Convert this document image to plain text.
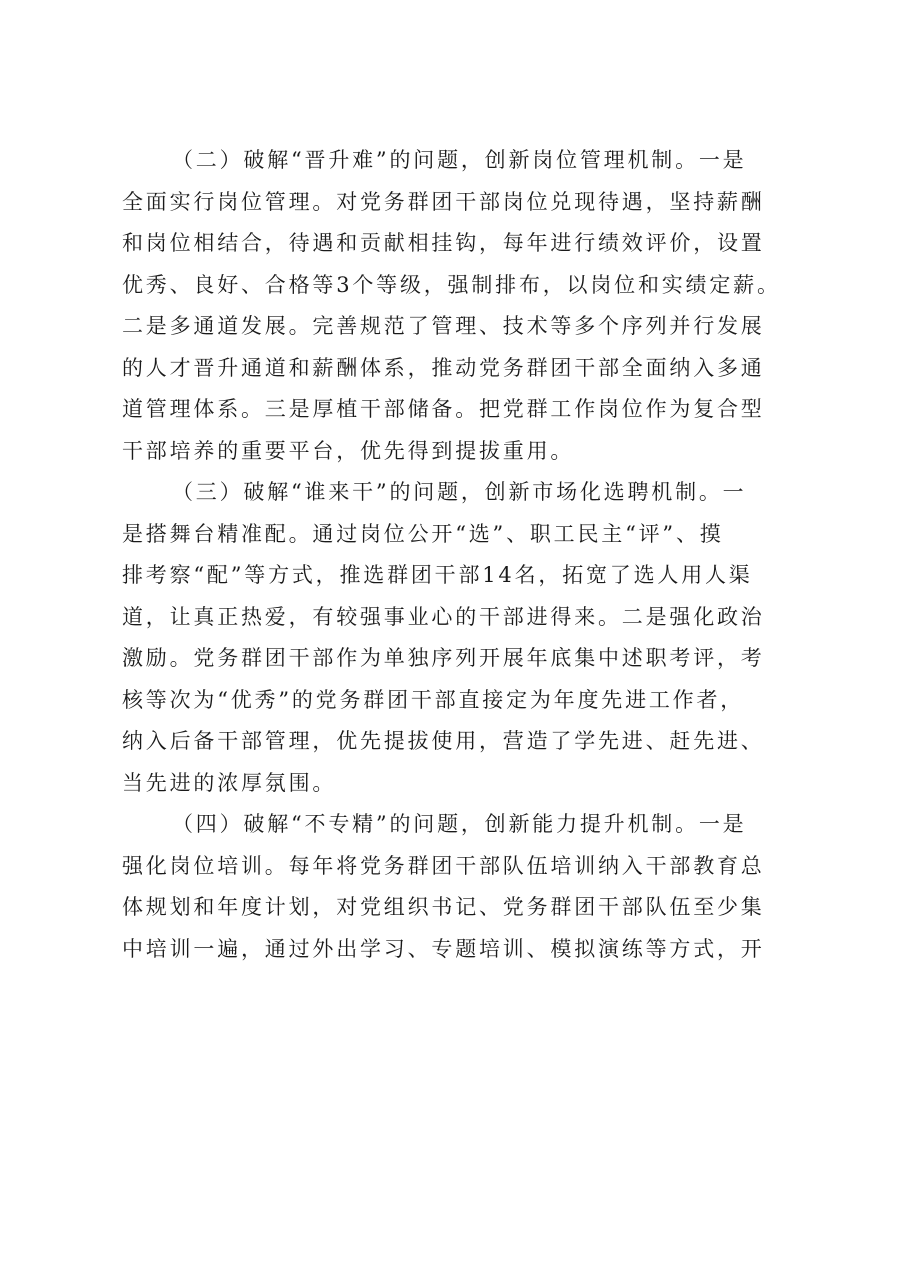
（二）破解“晋升难”的问题，创新岗位管理机制。一是
全面实行岗位管理。对党务群团干部岗位兑现待遇，坚持薪酬
和岗位相结合，待遇和贡献相挂钩，每年进行绩效评价，设置
优秀、良好、合格等3个等级，强制排布，以岗位和实绩定薪。
二是多通道发展。完善规范了管理、技术等多个序列并行发展
的人才晋升通道和薪酬体系，推动党务群团干部全面纳入多通
道管理体系。三是厚植干部储备。把党群工作岗位作为复合型
干部培养的重要平台，优先得到提拔重用。

（三）破解“谁来干”的问题，创新市场化选聘机制。一
是搭舞台精准配。通过岗位公开“选”、职工民主“评”、摸
排考察“配”等方式，推选群团干部14名，拓宽了选人用人渠
道，让真正热爱，有较强事业心的干部进得来。二是强化政治
激励。党务群团干部作为单独序列开展年底集中述职考评，考
核等次为“优秀”的党务群团干部直接定为年度先进工作者，
纳入后备干部管理，优先提拔使用，营造了学先进、赶先进、
当先进的浓厚氛围。

（四）破解“不专精”的问题，创新能力提升机制。一是
强化岗位培训。每年将党务群团干部队伍培训纳入干部教育总
体规划和年度计划，对党组织书记、党务群团干部队伍至少集
中培训一遍，通过外出学习、专题培训、模拟演练等方式，开
